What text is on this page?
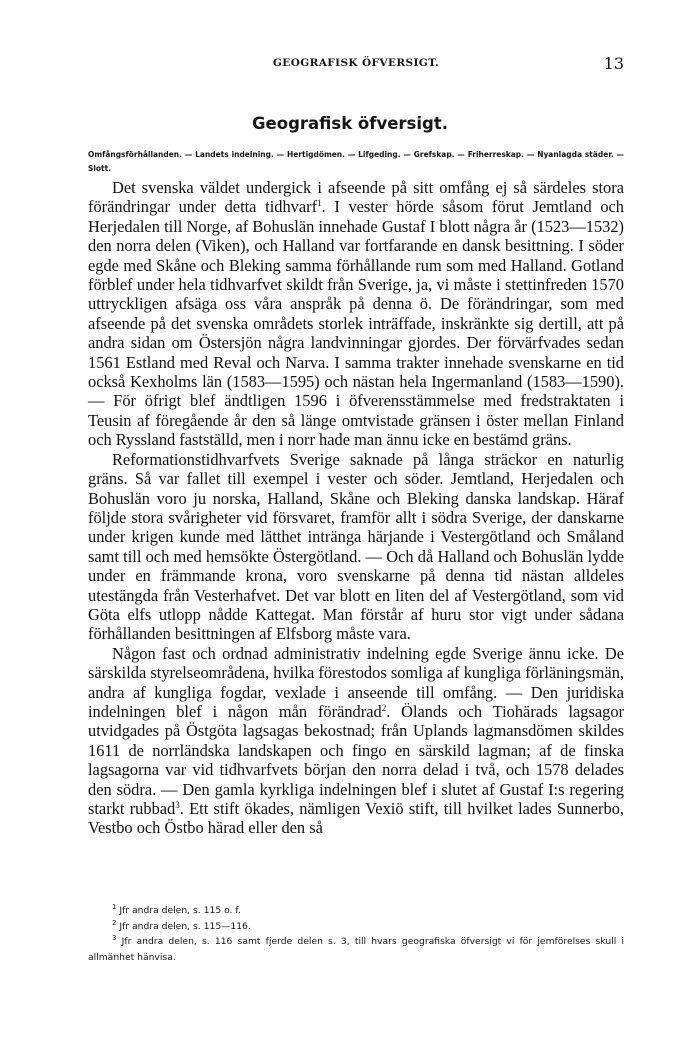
GEOGRAFISK ÖFVERSIGT.	13
Geografisk öfversigt.
Omfångsförhållanden. — Landets indelning. — Hertigdömen. — Lifgeding. — Grefskap. — Friherreskap. — Nyanlagda städer. — Slott.

Det svenska väldet undergick i afseende på sitt omfång ej så särdeles stora förändringar under detta tidhvarf$^1$. I vester hörde såsom förut Jemtland och Herjedalen till Norge, af Bohuslän innehade Gustaf I blott några år (1523—1532) den norra delen (Viken), och Halland var fortfarande en dansk besittning. I söder egde med Skåne och Bleking samma förhållande rum som med Halland. Gotland förblef under hela tidhvarfvet skildt från Sverige, ja, vi måste i stettinfreden 1570 uttryckligen afsäga oss våra anspråk på denna ö. De förändringar, som med afseende på det svenska områdets storlek inträffade, inskränkte sig dertill, att på andra sidan om Östersjön några landvinningar gjordes. Der förvärfvades sedan 1561 Estland med Reval och Narva. I samma trakter innehade svenskarne en tid också Kexholms län (1583—1595) och nästan hela Ingermanland (1583—1590). — För öfrigt blef ändtligen 1596 i öfverensstämmelse med fredstraktaten i Teusin af föregående år den så länge omtvistade gränsen i öster mellan Finland och Ryssland fastställd, men i norr hade man ännu icke en bestämd gräns.

Reformationstidhvarfvets Sverige saknade på långa sträckor en naturlig gräns. Så var fallet till exempel i vester och söder. Jemtland, Herjedalen och Bohuslän voro ju norska, Halland, Skåne och Bleking danska landskap. Häraf följde stora svårigheter vid försvaret, framför allt i södra Sverige, der danskarne under krigen kunde med lätthet intränga härjande i Vestergötland och Småland samt till och med hemsökte Östergötland. — Och då Halland och Bohuslän lydde under en främmande krona, voro svenskarne på denna tid nästan alldeles utestängda från Vesterhafvet. Det var blott en liten del af Vestergötland, som vid Göta elfs utlopp nådde Kattegat. Man förstår af huru stor vigt under sådana förhållanden besittningen af Elfsborg måste vara.

Någon fast och ordnad administrativ indelning egde Sverige ännu icke. De särskilda styrelseområdena, hvilka förestodos somliga af kungliga förläningsmän, andra af kungliga fogdar, vexlade i anseende till omfång. — Den juridiska indelningen blef i någon mån förändrad$^2$. Ölands och Tiohärads lagsagor utvidgades på Östgöta lagsagas bekostnad; från Uplands lagmansdömen skildes 1611 de norrländska landskapen och fingo en särskild lagman; af de finska lagsagorna var vid tidhvarfvets början den norra delad i två, och 1578 delades den södra. — Den gamla kyrkliga indelningen blef i slutet af Gustaf I:s regering starkt rubbad$^3$. Ett stift ökades, nämligen Vexiö stift, till hvilket lades Sunnerbo, Vestbo och Östbo härad eller den så

$^1$ Jfr andra delen, s. 115 o. f.
$^2$ Jfr andra delen, s. 115—116.
$^3$ Jfr andra delen, s. 116 samt fjerde delen s. 3, till hvars geografiska öfversigt vi för jemförelses skull i allmänhet hänvisa.
